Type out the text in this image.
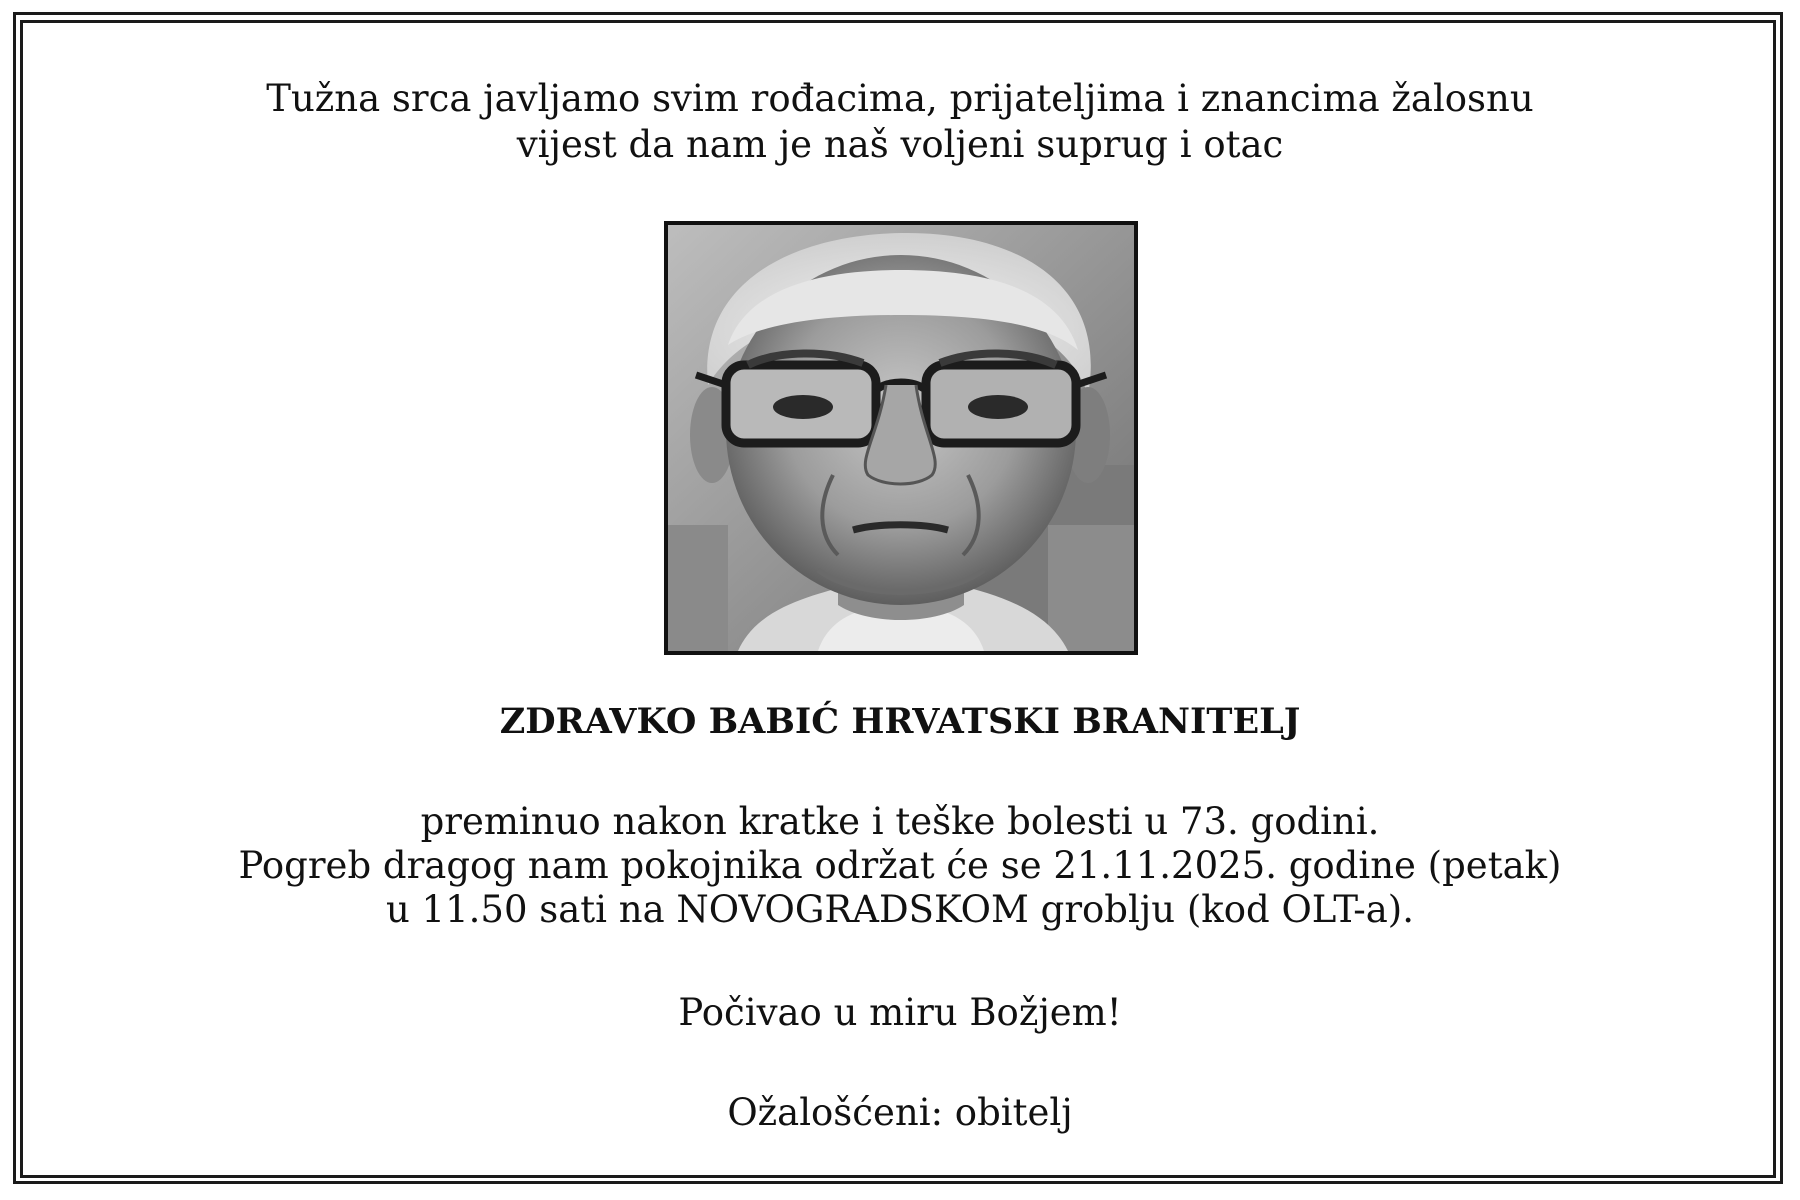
Tužna srca javljamo svim rođacima, prijateljima i znancima žalosnu
vijest da nam je naš voljeni suprug i otac
ZDRAVKO BABIĆ HRVATSKI BRANITELJ
preminuo nakon kratke i teške bolesti u 73. godini.
Pogreb dragog nam pokojnika održat će se 21.11.2025. godine (petak)
u 11.50 sati na NOVOGRADSKOM groblju (kod OLT-a).
Počivao u miru Božjem!
Ožalošćeni: obitelj
